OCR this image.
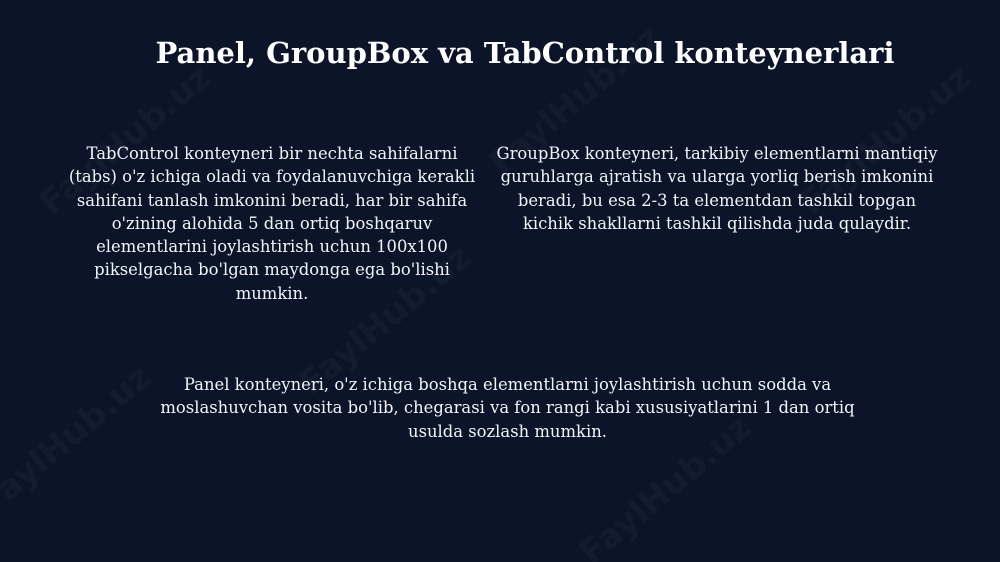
Panel, GroupBox va TabControl konteynerlari
TabControl konteyneri bir nechta sahifalarni (tabs) o'z ichiga oladi va foydalanuvchiga kerakli sahifani tanlash imkonini beradi, har bir sahifa o'zining alohida 5 dan ortiq boshqaruv elementlarini joylashtirish uchun 100x100 pikselgacha bo'lgan maydonga ega bo'lishi mumkin.
GroupBox konteyneri, tarkibiy elementlarni mantiqiy guruhlarga ajratish va ularga yorliq berish imkonini beradi, bu esa 2-3 ta elementdan tashkil topgan kichik shakllarni tashkil qilishda juda qulaydir.
Panel konteyneri, o'z ichiga boshqa elementlarni joylashtirish uchun sodda va moslashuvchan vosita bo'lib, chegarasi va fon rangi kabi xususiyatlarini 1 dan ortiq usulda sozlash mumkin.
